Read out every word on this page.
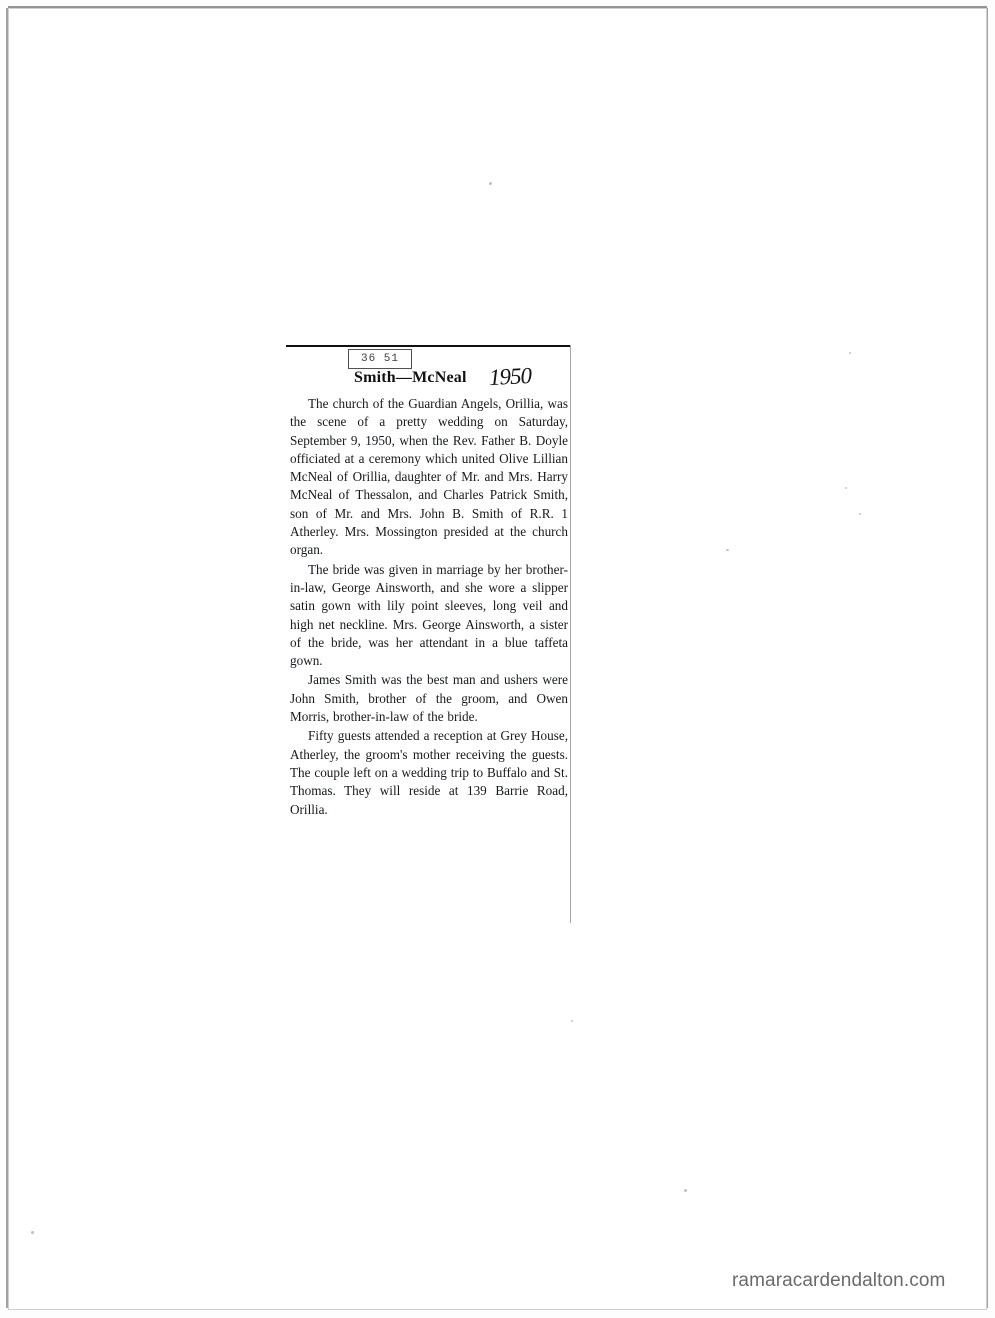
36 51
Smith—McNeal 1950

The church of the Guardian Angels, Orillia, was the scene of a pretty wedding on Saturday, September 9, 1950, when the Rev. Father B. Doyle officiated at a ceremony which united Olive Lillian McNeal of Orillia, daughter of Mr. and Mrs. Harry McNeal of Thessalon, and Charles Patrick Smith, son of Mr. and Mrs. John B. Smith of R.R. 1 Atherley. Mrs. Mossington presided at the church organ.

The bride was given in marriage by her brother-in-law, George Ainsworth, and she wore a slipper satin gown with lily point sleeves, long veil and high net neckline. Mrs. George Ainsworth, a sister of the bride, was her attendant in a blue taffeta gown.

James Smith was the best man and ushers were John Smith, brother of the groom, and Owen Morris, brother-in-law of the bride.

Fifty guests attended a reception at Grey House, Atherley, the groom's mother receiving the guests. The couple left on a wedding trip to Buffalo and St. Thomas. They will reside at 139 Barrie Road, Orillia.

ramaracardendalton.com
